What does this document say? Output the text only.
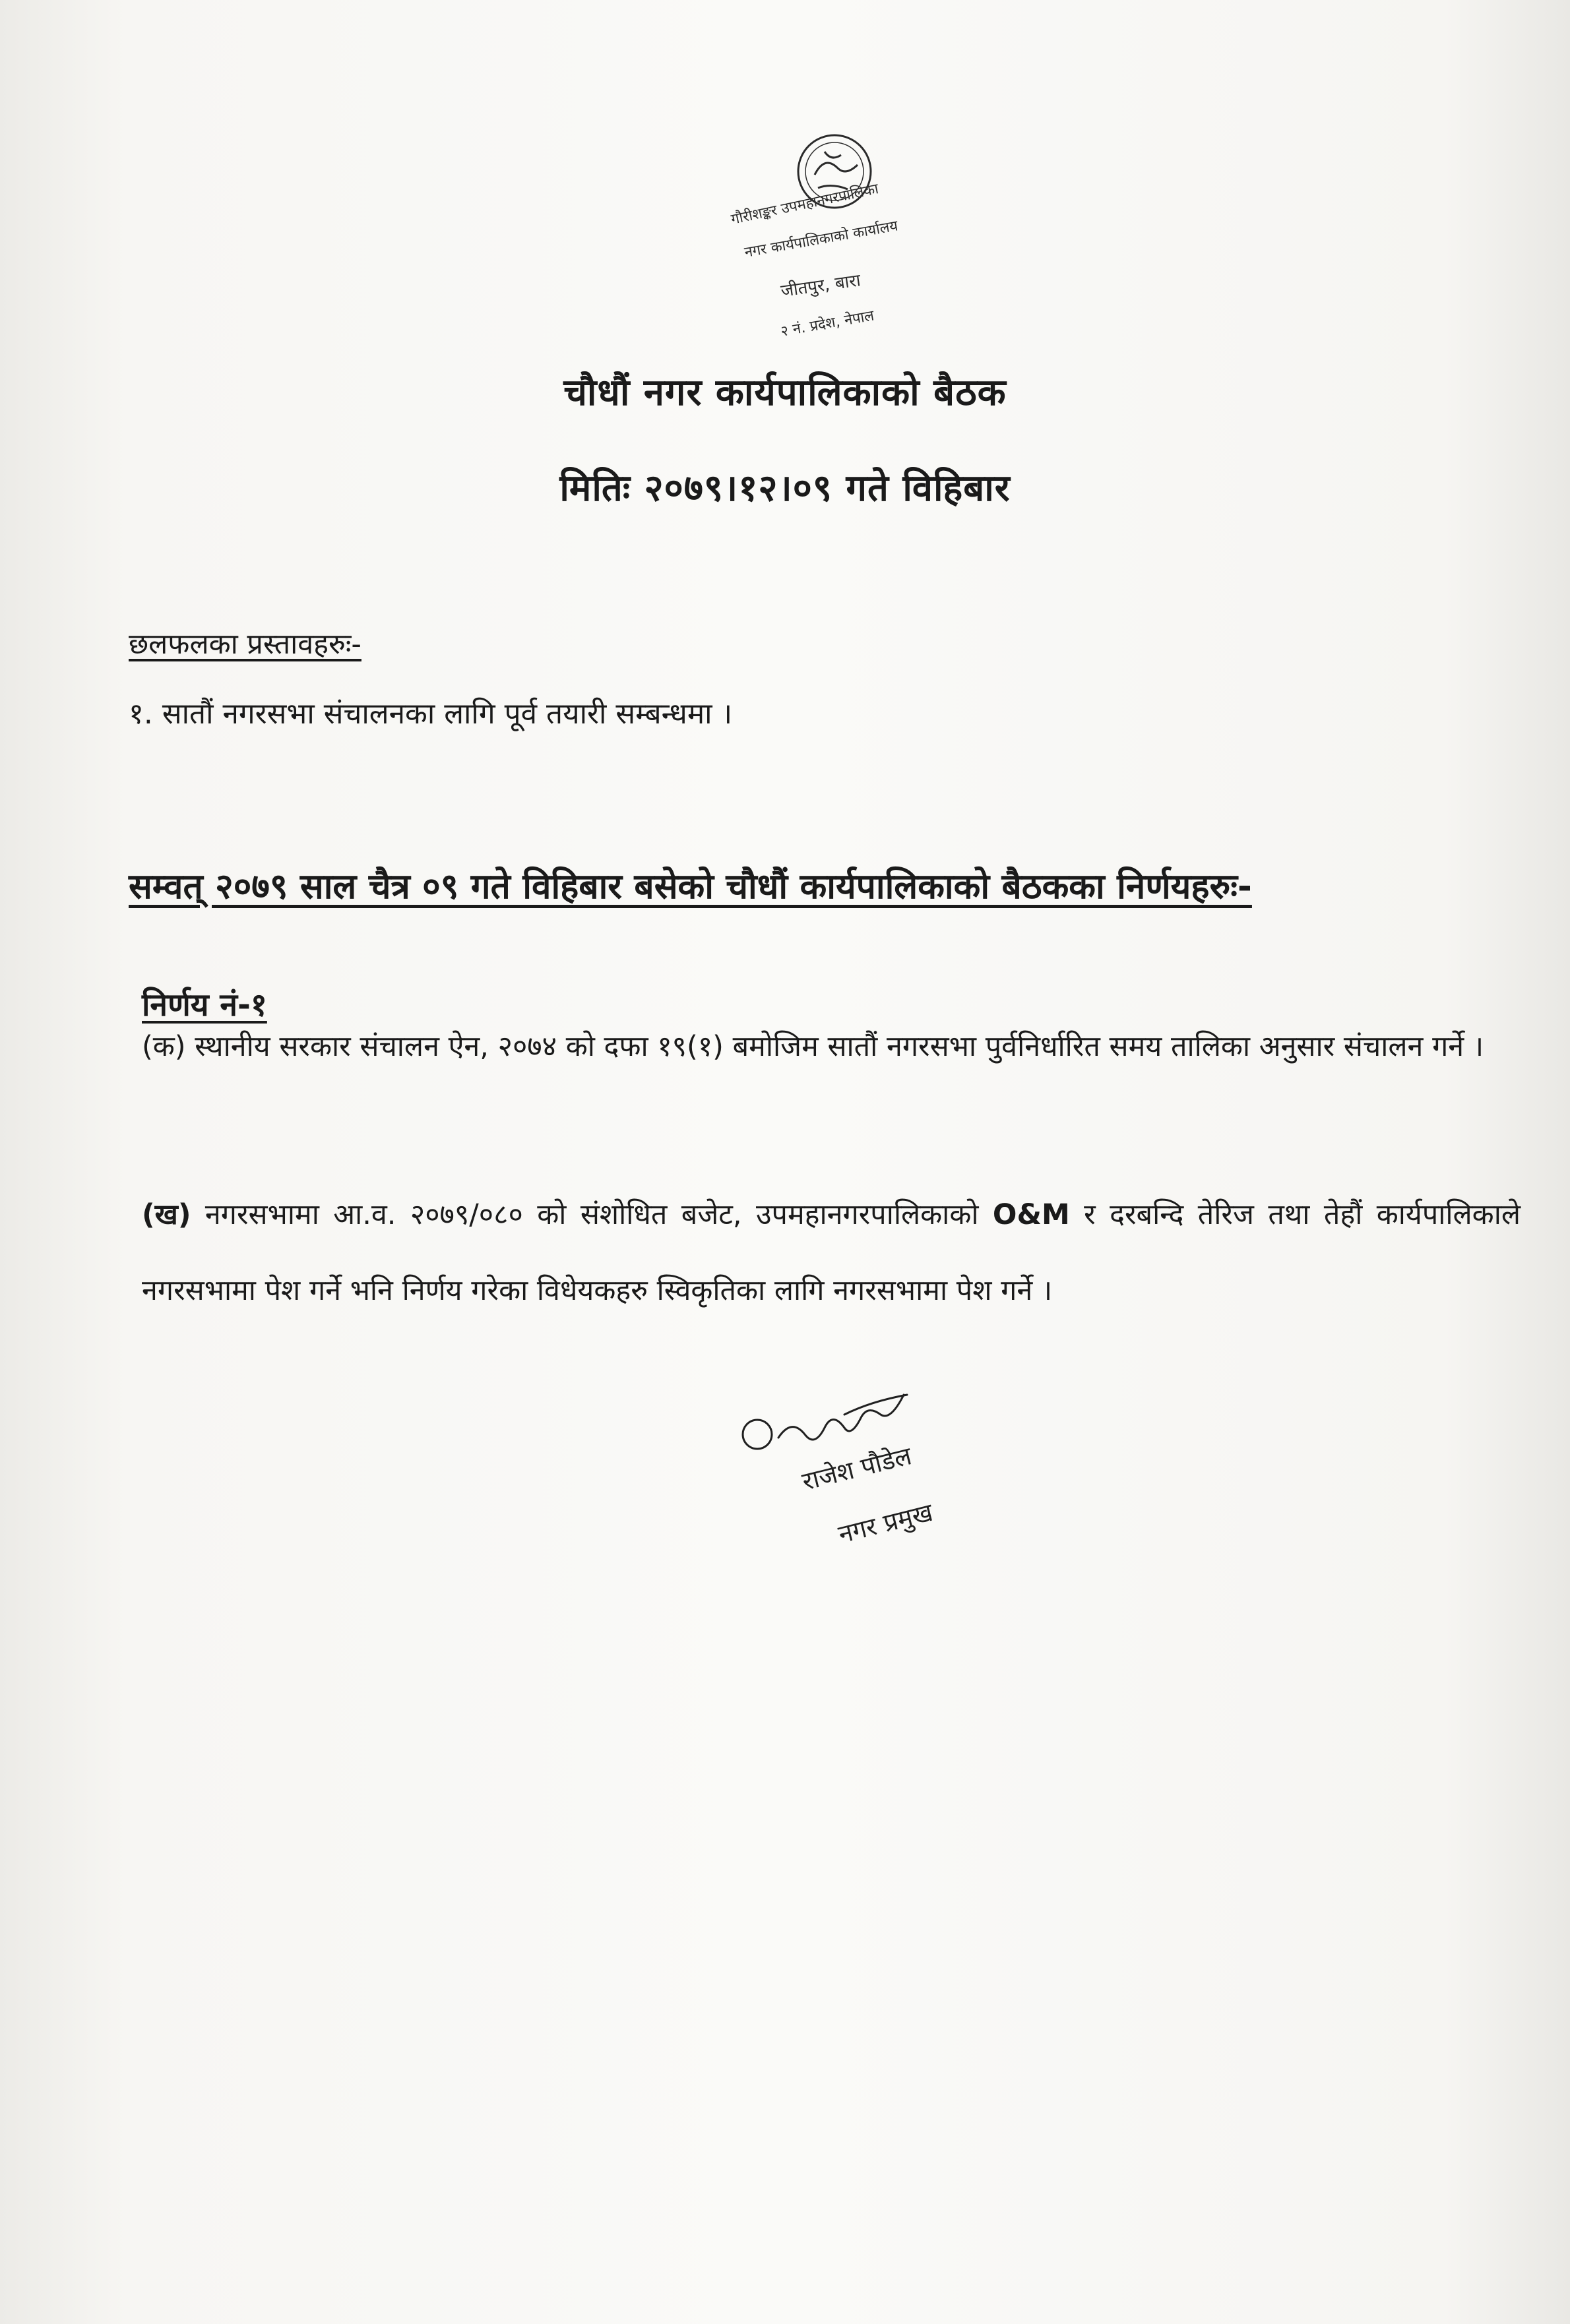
गौरीशङ्कर उपमहानगरपालिका
नगर कार्यपालिकाको कार्यालय
जीतपुर, बारा
२ नं. प्रदेश, नेपाल
चौधौं नगर कार्यपालिकाको बैठक
मितिः २०७९।१२।०९ गते विहिबार
छलफलका प्रस्तावहरुः-
१. सातौं नगरसभा संचालनका लागि पूर्व तयारी सम्बन्धमा ।
सम्वत् २०७९ साल चैत्र ०९ गते विहिबार बसेको चौधौं कार्यपालिकाको बैठकका निर्णयहरुः-
निर्णय नं-१
(क) स्थानीय सरकार संचालन ऐन, २०७४ को दफा १९(१) बमोजिम सातौं नगरसभा पुर्वनिर्धारित समय तालिका अनुसार संचालन गर्ने ।
(ख) नगरसभामा आ.व. २०७९/०८० को संशोधित बजेट, उपमहानगरपालिकाको O&M र दरबन्दि तेरिज तथा तेहौं कार्यपालिकाले नगरसभामा पेश गर्ने भनि निर्णय गरेका विधेयकहरु स्विकृतिका लागि नगरसभामा पेश गर्ने ।
राजेश पौडेल
नगर प्रमुख
